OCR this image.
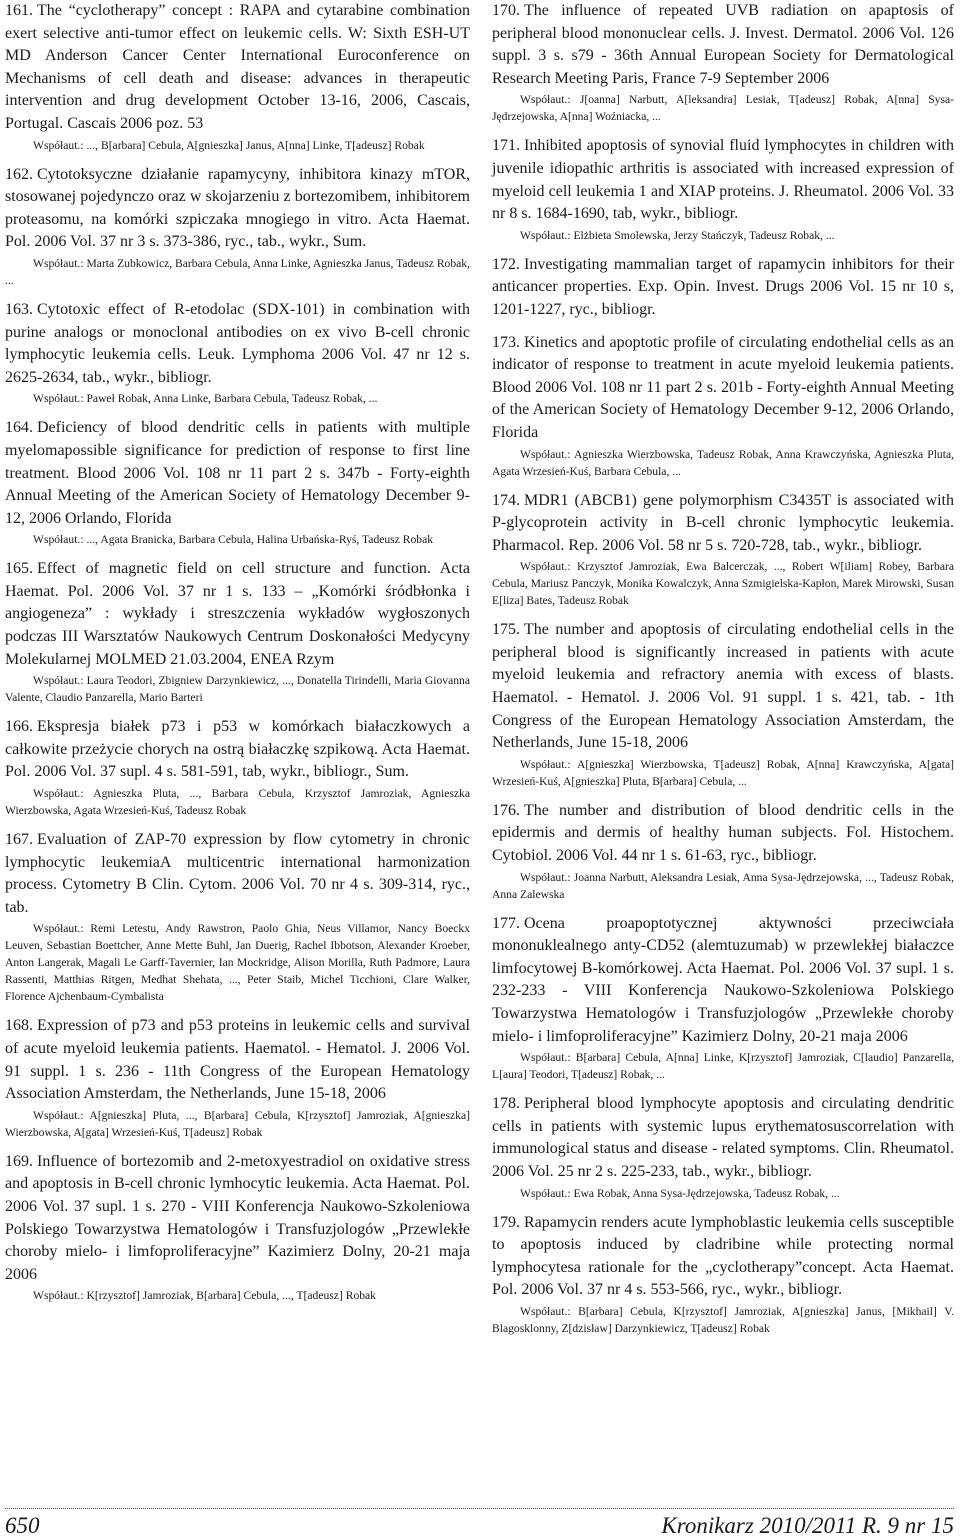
161. The “cyclotherapy” concept : RAPA and cytarabine combination exert selective anti-tumor effect on leukemic cells. W: Sixth ESH-UT MD Anderson Cancer Center International Euroconference on Mechanisms of cell death and disease: advances in therapeutic intervention and drug development October 13-16, 2006, Cascais, Portugal. Cascais 2006 poz. 53

Współaut.: ..., B[arbara] Cebula, A[gnieszka] Janus, A[nna] Linke, T[adeusz] Robak

162. Cytotoksyczne działanie rapamycyny, inhibitora kinazy mTOR, stosowanej pojedynczo oraz w skojarzeniu z bortezomibem, inhibitorem proteasomu, na komórki szpiczaka mnogiego in vitro. Acta Haemat. Pol. 2006 Vol. 37 nr 3 s. 373-386, ryc., tab., wykr., Sum.

Współaut.: Marta Zubkowicz, Barbara Cebula, Anna Linke, Agnieszka Janus, Tadeusz Robak, ...

163. Cytotoxic effect of R-etodolac (SDX-101) in combination with purine analogs or monoclonal antibodies on ex vivo B-cell chronic lymphocytic leukemia cells. Leuk. Lymphoma 2006 Vol. 47 nr 12 s. 2625-2634, tab., wykr., bibliogr.

Współaut.: Paweł Robak, Anna Linke, Barbara Cebula, Tadeusz Robak, ...

164. Deficiency of blood dendritic cells in patients with multiple myelomapossible significance for prediction of response to first line treatment. Blood 2006 Vol. 108 nr 11 part 2 s. 347b - Forty-eighth Annual Meeting of the American Society of Hematology December 9-12, 2006 Orlando, Florida

Współaut.: ..., Agata Branicka, Barbara Cebula, Halina Urbańska-Ryś, Tadeusz Robak

165. Effect of magnetic field on cell structure and function. Acta Haemat. Pol. 2006 Vol. 37 nr 1 s. 133 – „Komórki śródbłonka i angiogeneza” : wykłady i streszczenia wykładów wygłoszonych podczas III Warsztatów Naukowych Centrum Doskonałości Medycyny Molekularnej MOLMED 21.03.2004, ENEA Rzym

Współaut.: Laura Teodori, Zbigniew Darzynkiewicz, ..., Donatella Tirindelli, Maria Giovanna Valente, Claudio Panzarella, Mario Barteri

166. Ekspresja białek p73 i p53 w komórkach białaczkowych a całkowite przeżycie chorych na ostrą białaczkę szpikową. Acta Haemat. Pol. 2006 Vol. 37 supl. 4 s. 581-591, tab, wykr., bibliogr., Sum.

Współaut.: Agnieszka Pluta, ..., Barbara Cebula, Krzysztof Jamroziak, Agnieszka Wierzbowska, Agata Wrzesień-Kuś, Tadeusz Robak

167. Evaluation of ZAP-70 expression by flow cytometry in chronic lymphocytic leukemiaA multicentric international harmonization process. Cytometry B Clin. Cytom. 2006 Vol. 70 nr 4 s. 309-314, ryc., tab.

Współaut.: Remi Letestu, Andy Rawstron, Paolo Ghia, Neus Villamor, Nancy Boeckx Leuven, Sebastian Boettcher, Anne Mette Buhl, Jan Duerig, Rachel Ibbotson, Alexander Kroeber, Anton Langerak, Magali Le Garff-Tavernier, Ian Mockridge, Alison Morilla, Ruth Padmore, Laura Rassenti, Matthias Ritgen, Medhat Shehata, ..., Peter Staib, Michel Ticchioni, Clare Walker, Florence Ajchenbaum-Cymbalista

168. Expression of p73 and p53 proteins in leukemic cells and survival of acute myeloid leukemia patients. Haematol. - Hematol. J. 2006 Vol. 91 suppl. 1 s. 236 - 11th Congress of the European Hematology Association Amsterdam, the Netherlands, June 15-18, 2006

Współaut.: A[gnieszka] Pluta, ..., B[arbara] Cebula, K[rzysztof] Jamroziak, A[gnieszka] Wierzbowska, A[gata] Wrzesień-Kuś, T[adeusz] Robak

169. Influence of bortezomib and 2-metoxyestradiol on oxidative stress and apoptosis in B-cell chronic lymhocytic leukemia. Acta Haemat. Pol. 2006 Vol. 37 supl. 1 s. 270 - VIII Konferencja Naukowo-Szkoleniowa Polskiego Towarzystwa Hematologów i Transfuzjologów „Przewlekłe choroby mielo- i limfoproliferacyjne” Kazimierz Dolny, 20-21 maja 2006

Współaut.: K[rzysztof] Jamroziak, B[arbara] Cebula, ..., T[adeusz] Robak

170. The influence of repeated UVB radiation on apaptosis of peripheral blood mononuclear cells. J. Invest. Dermatol. 2006 Vol. 126 suppl. 3 s. s79 - 36th Annual European Society for Dermatological Research Meeting Paris, France 7-9 September 2006

Współaut.: J[oanna] Narbutt, A[leksandra] Lesiak, T[adeusz] Robak, A[nna] Sysa-Jędrzejowska, A[nna] Woźniacka, ...

171. Inhibited apoptosis of synovial fluid lymphocytes in children with juvenile idiopathic arthritis is associated with increased expression of myeloid cell leukemia 1 and XIAP proteins. J. Rheumatol. 2006 Vol. 33 nr 8 s. 1684-1690, tab, wykr., bibliogr.

Współaut.: Elżbieta Smolewska, Jerzy Stańczyk, Tadeusz Robak, ...

172. Investigating mammalian target of rapamycin inhibitors for their anticancer properties. Exp. Opin. Invest. Drugs 2006 Vol. 15 nr 10 s, 1201-1227, ryc., bibliogr.

173. Kinetics and apoptotic profile of circulating endothelial cells as an indicator of response to treatment in acute myeloid leukemia patients. Blood 2006 Vol. 108 nr 11 part 2 s. 201b - Forty-eighth Annual Meeting of the American Society of Hematology December 9-12, 2006 Orlando, Florida

Współaut.: Agnieszka Wierzbowska, Tadeusz Robak, Anna Krawczyńska, Agnieszka Pluta, Agata Wrzesień-Kuś, Barbara Cebula, ...

174. MDR1 (ABCB1) gene polymorphism C3435T is associated with P-glycoprotein activity in B-cell chronic lymphocytic leukemia. Pharmacol. Rep. 2006 Vol. 58 nr 5 s. 720-728, tab., wykr., bibliogr.

Współaut.: Krzysztof Jamroziak, Ewa Balcerczak, ..., Robert W[iliam] Robey, Barbara Cebula, Mariusz Panczyk, Monika Kowalczyk, Anna Szmigielska-Kapłon, Marek Mirowski, Susan E[liza] Bates, Tadeusz Robak

175. The number and apoptosis of circulating endothelial cells in the peripheral blood is significantly increased in patients with acute myeloid leukemia and refractory anemia with excess of blasts. Haematol. - Hematol. J. 2006 Vol. 91 suppl. 1 s. 421, tab. - 1th Congress of the European Hematology Association Amsterdam, the Netherlands, June 15-18, 2006

Współaut.: A[gnieszka] Wierzbowska, T[adeusz] Robak, A[nna] Krawczyńska, A[gata] Wrzesień-Kuś, A[gnieszka] Pluta, B[arbara] Cebula, ...

176. The number and distribution of blood dendritic cells in the epidermis and dermis of healthy human subjects. Fol. Histochem. Cytobiol. 2006 Vol. 44 nr 1 s. 61-63, ryc., bibliogr.

Współaut.: Joanna Narbutt, Aleksandra Lesiak, Anna Sysa-Jędrzejowska, ..., Tadeusz Robak, Anna Zalewska

177. Ocena proapoptotycznej aktywności przeciwciała mononuklealnego anty-CD52 (alemtuzumab) w przewlekłej białaczce limfocytowej B-komórkowej. Acta Haemat. Pol. 2006 Vol. 37 supl. 1 s. 232-233 - VIII Konferencja Naukowo-Szkoleniowa Polskiego Towarzystwa Hematologów i Transfuzjologów „Przewlekłe choroby mielo- i limfoproliferacyjne” Kazimierz Dolny, 20-21 maja 2006

Współaut.: B[arbara] Cebula, A[nna] Linke, K[rzysztof] Jamroziak, C[laudio] Panzarella, L[aura] Teodori, T[adeusz] Robak, ...

178. Peripheral blood lymphocyte apoptosis and circulating dendritic cells in patients with systemic lupus erythematosuscorrelation with immunological status and disease - related symptoms. Clin. Rheumatol. 2006 Vol. 25 nr 2 s. 225-233, tab., wykr., bibliogr.

Współaut.: Ewa Robak, Anna Sysa-Jędrzejowska, Tadeusz Robak, ...

179. Rapamycin renders acute lymphoblastic leukemia cells susceptible to apoptosis induced by cladribine while protecting normal lymphocytesa rationale for the „cyclotherapy”concept. Acta Haemat. Pol. 2006 Vol. 37 nr 4 s. 553-566, ryc., wykr., bibliogr.

Współaut.: B[arbara] Cebula, K[rzysztof] Jamroziak, A[gnieszka] Janus, [Mikhail] V. Blagosklonny, Z[dzisław] Darzynkiewicz, T[adeusz] Robak

650	Kronikarz 2010/2011 R. 9 nr 15
